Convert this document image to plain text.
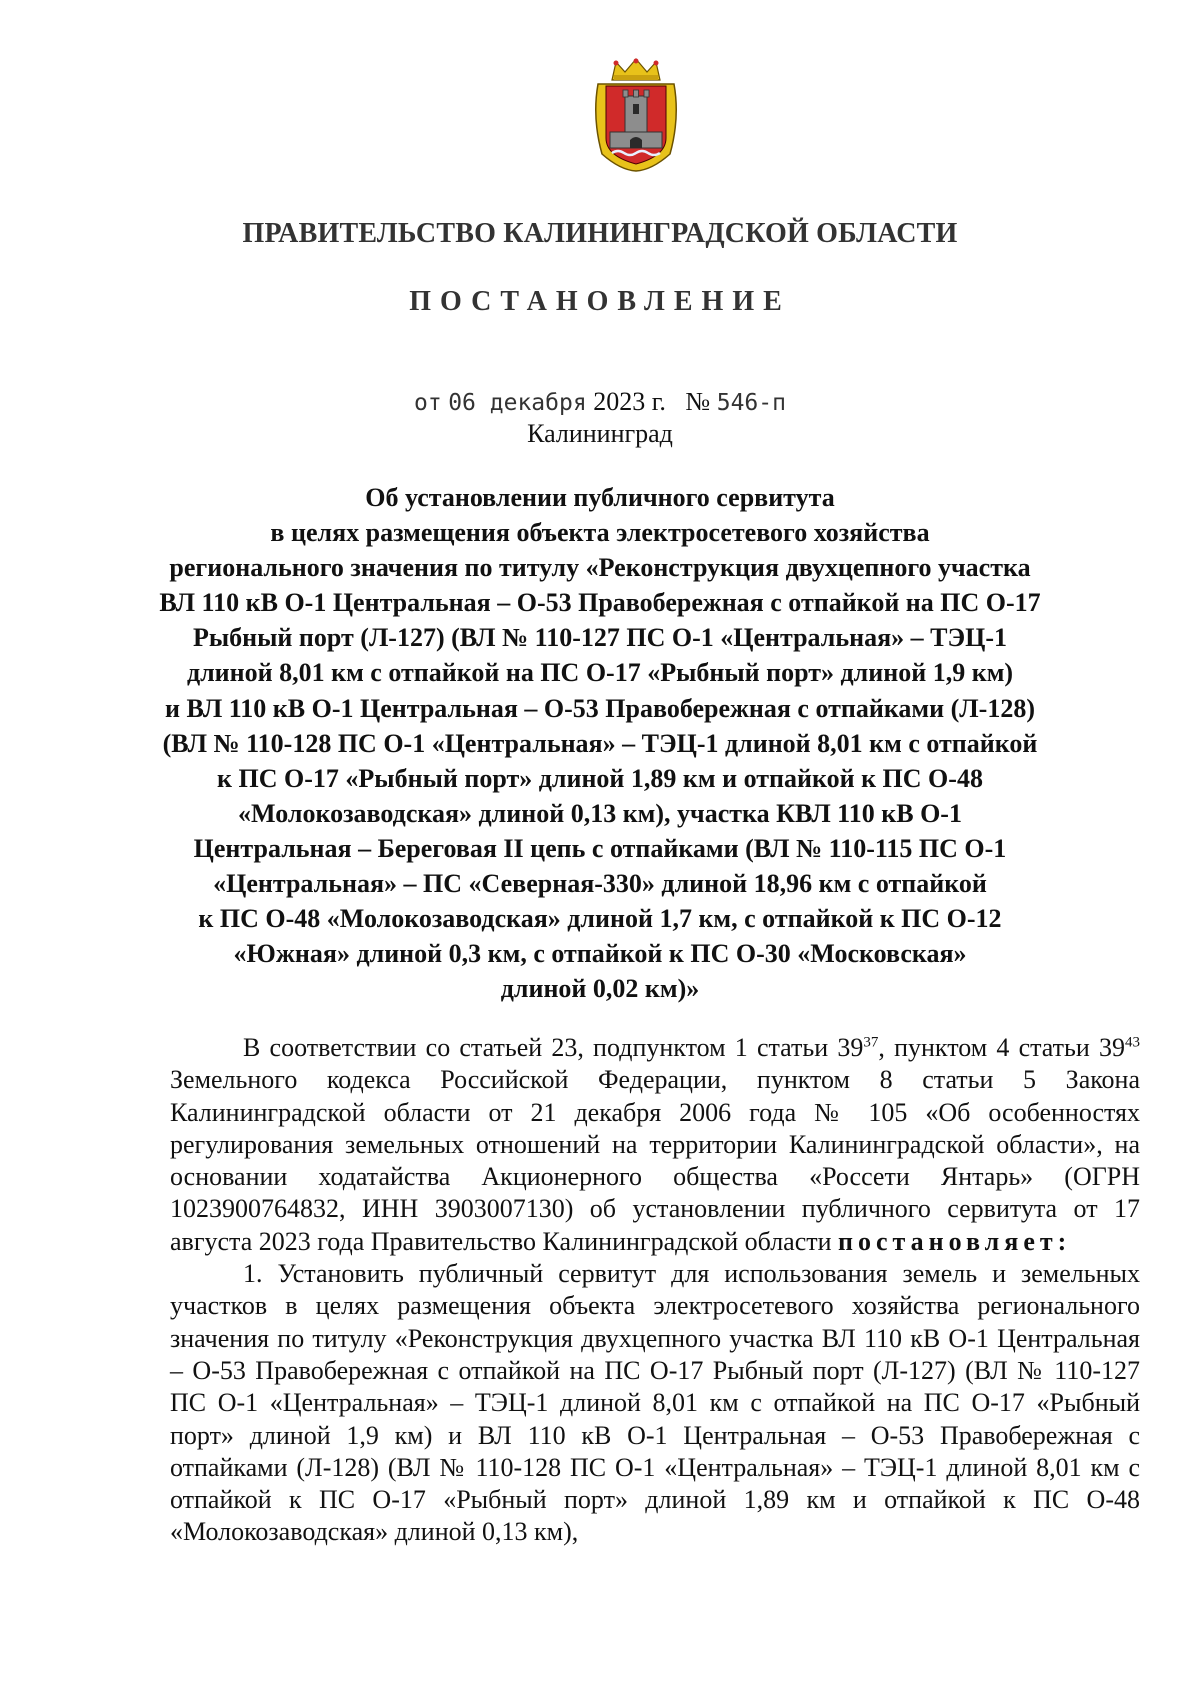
ПРАВИТЕЛЬСТВО КАЛИНИНГРАДСКОЙ ОБЛАСТИ
ПОСТАНОВЛЕНИЕ
от 06 декабря 2023 г. № 546-п
Калининград
Об установлении публичного сервитута
в целях размещения объекта электросетевого хозяйства
регионального значения по титулу «Реконструкция двухцепного участка
ВЛ 110 кВ О-1 Центральная – О-53 Правобережная с отпайкой на ПС О-17
Рыбный порт (Л-127) (ВЛ № 110-127 ПС О-1 «Центральная» – ТЭЦ-1
длиной 8,01 км с отпайкой на ПС О-17 «Рыбный порт» длиной 1,9 км)
и ВЛ 110 кВ О-1 Центральная – О-53 Правобережная с отпайками (Л-128)
(ВЛ № 110-128 ПС О-1 «Центральная» – ТЭЦ-1 длиной 8,01 км с отпайкой
к ПС О-17 «Рыбный порт» длиной 1,89 км и отпайкой к ПС О-48
«Молокозаводская» длиной 0,13 км), участка КВЛ 110 кВ О-1
Центральная – Береговая II цепь с отпайками (ВЛ № 110-115 ПС О-1
«Центральная» – ПС «Северная-330» длиной 18,96 км с отпайкой
к ПС О-48 «Молокозаводская» длиной 1,7 км, с отпайкой к ПС О-12
«Южная» длиной 0,3 км, с отпайкой к ПС О-30 «Московская»
длиной 0,02 км)»

В соответствии со статьей 23, подпунктом 1 статьи $39^{37}$, пунктом 4 статьи $39^{43}$ Земельного кодекса Российской Федерации, пунктом 8 статьи 5 Закона Калининградской области от 21 декабря 2006 года № 105 «Об особенностях регулирования земельных отношений на территории Калининградской области», на основании ходатайства Акционерного общества «Россети Янтарь» (ОГРН 1023900764832, ИНН 3903007130) об установлении публичного сервитута от 17 августа 2023 года Правительство Калининградской области постановляет:

1. Установить публичный сервитут для использования земель и земельных участков в целях размещения объекта электросетевого хозяйства регионального значения по титулу «Реконструкция двухцепного участка ВЛ 110 кВ О-1 Центральная – О-53 Правобережная с отпайкой на ПС О-17 Рыбный порт (Л-127) (ВЛ № 110-127 ПС О-1 «Центральная» – ТЭЦ-1 длиной 8,01 км с отпайкой на ПС О-17 «Рыбный порт» длиной 1,9 км) и ВЛ 110 кВ О-1 Центральная – О-53 Правобережная с отпайками (Л-128) (ВЛ № 110-128 ПС О-1 «Центральная» – ТЭЦ-1 длиной 8,01 км с отпайкой к ПС О-17 «Рыбный порт» длиной 1,89 км и отпайкой к ПС О-48 «Молокозаводская» длиной 0,13 км),
